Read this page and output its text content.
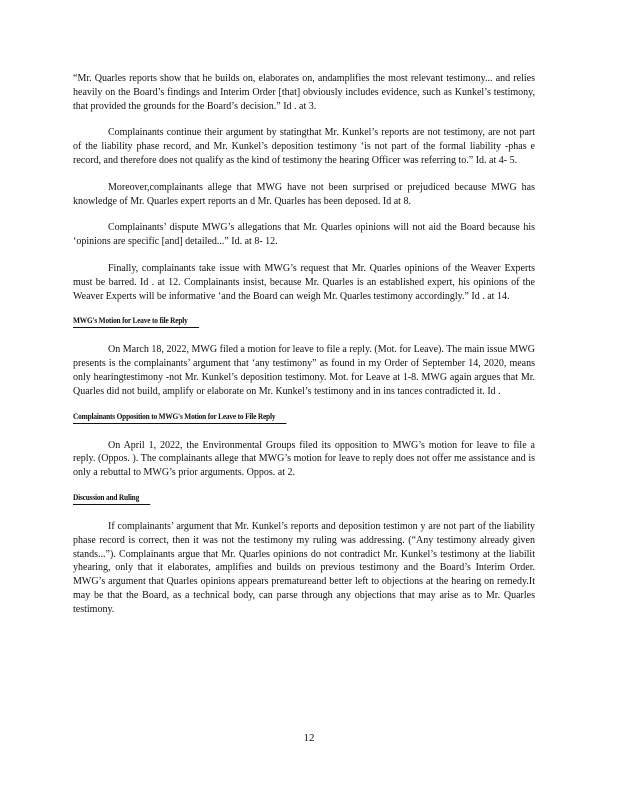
“Mr. Quarles reports show that he builds on, elaborates on, andamplifies the most relevant testimony... and relies heavily on the Board’s findings and Interim Order [that] obviously includes evidence, such as Kunkel’s testimony, that provided the grounds for the Board’s decision.” Id . at 3.

Complainants continue their argument by statingthat Mr. Kunkel’s reports are not testimony, are not part of the liability phase record, and Mr. Kunkel’s deposition testimony ‘is not part of the formal liability -phas e record, and therefore does not qualify as the kind of testimony the hearing Officer was referring to.” Id. at 4- 5.

Moreover,complainants allege that MWG have not been surprised or prejudiced because MWG has knowledge of Mr. Quarles expert reports an d Mr. Quarles has been deposed. Id at 8.

Complainants’ dispute MWG’s allegations that Mr. Quarles opinions will not aid the Board because his ‘opinions are specific [and] detailed...” Id. at 8- 12.

Finally, complainants take issue with MWG’s request that Mr. Quarles opinions of the Weaver Experts must be barred. Id . at 12. Complainants insist, because Mr. Quarles is an established expert, his opinions of the Weaver Experts will be informative ‘and the Board can weigh Mr. Quarles testimony accordingly.” Id . at 14.

MWG's Motion for Leave to file Reply

On March 18, 2022, MWG filed a motion for leave to file a reply. (Mot. for Leave). The main issue MWG presents is the complainants’ argument that ‘any testimony” as found in my Order of September 14, 2020, means only hearingtestimony -not Mr. Kunkel’s deposition testimony. Mot. for Leave at 1-8. MWG again argues that Mr. Quarles did not build, amplify or elaborate on Mr. Kunkel’s testimony and in ins tances contradicted it. Id .

Complainants Opposition to MWG's Motion for Leave to File Reply

On April 1, 2022, the Environmental Groups filed its opposition to MWG’s motion for leave to file a reply. (Oppos. ). The complainants allege that MWG’s motion for leave to reply does not offer me assistance and is only a rebuttal to MWG’s prior arguments. Oppos. at 2.

Discussion and Ruling

If complainants’ argument that Mr. Kunkel’s reports and deposition testimon y are not part of the liability phase record is correct, then it was not the testimony my ruling was addressing. (“Any testimony already given stands...”). Complainants argue that Mr. Quarles opinions do not contradict Mr. Kunkel’s testimony at the liabilit yhearing, only that it elaborates, amplifies and builds on previous testimony and the Board’s Interim Order. MWG’s argument that Quarles opinions appears prematureand better left to objections at the hearing on remedy.It may be that the Board, as a technical body, can parse through any objections that may arise as to Mr. Quarles testimony.

12
